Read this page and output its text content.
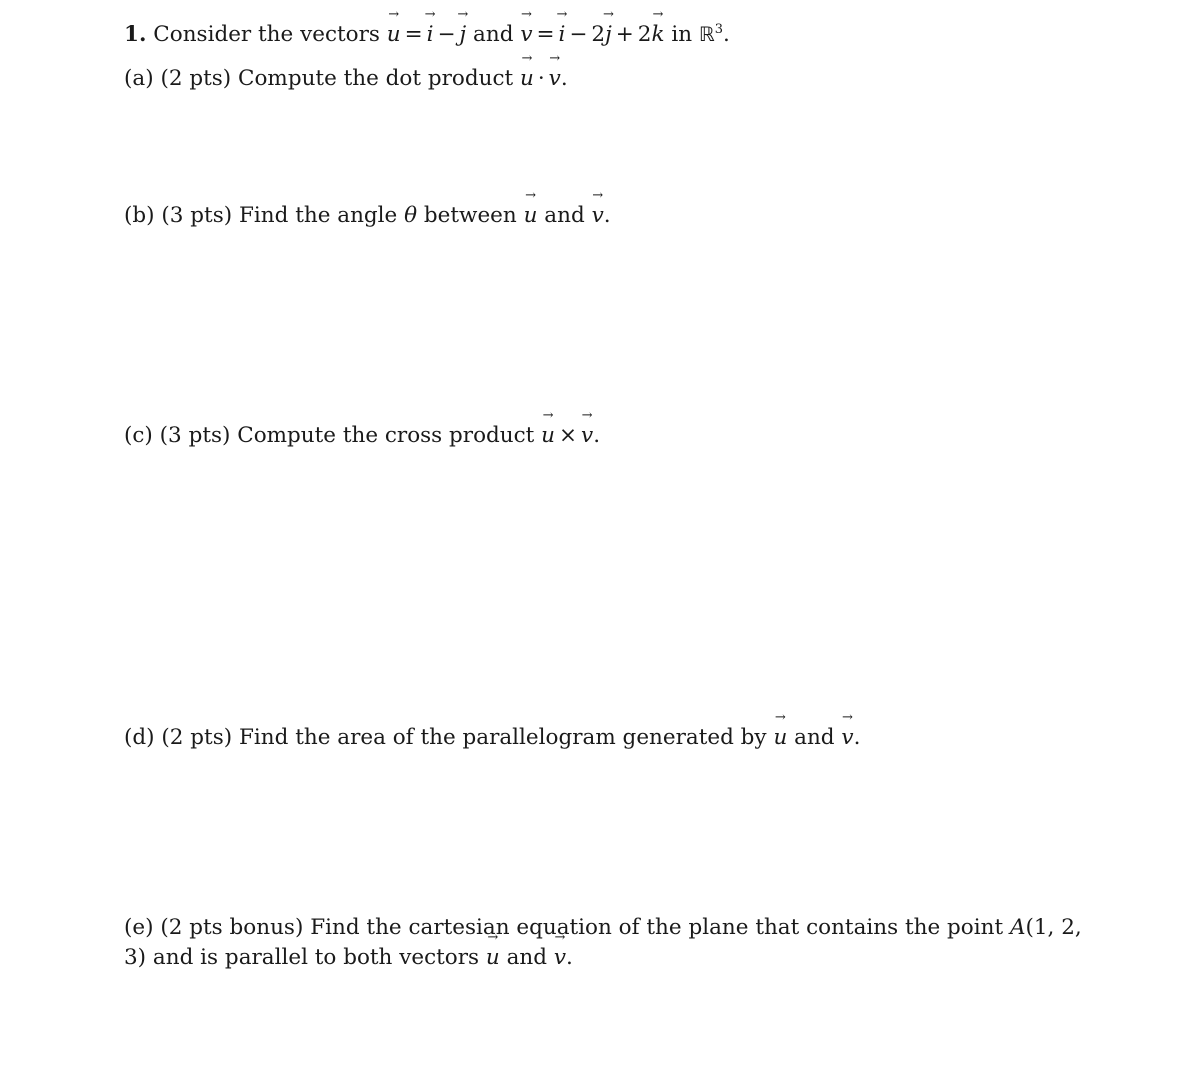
1. Consider the vectors → u = → i − → j and → v = → i − 2→ j + 2→ k in ℝ$^3$.
(a) (2 pts) Compute the dot product → u · → v.
(b) (3 pts) Find the angle θ between → u and → v.
(c) (3 pts) Compute the cross product → u × → v.
(d) (2 pts) Find the area of the parallelogram generated by → u and → v.
(e) (2 pts bonus) Find the cartesian equation of the plane that contains the point A(1, 2, 3) and is parallel to both vectors → u and → v.
